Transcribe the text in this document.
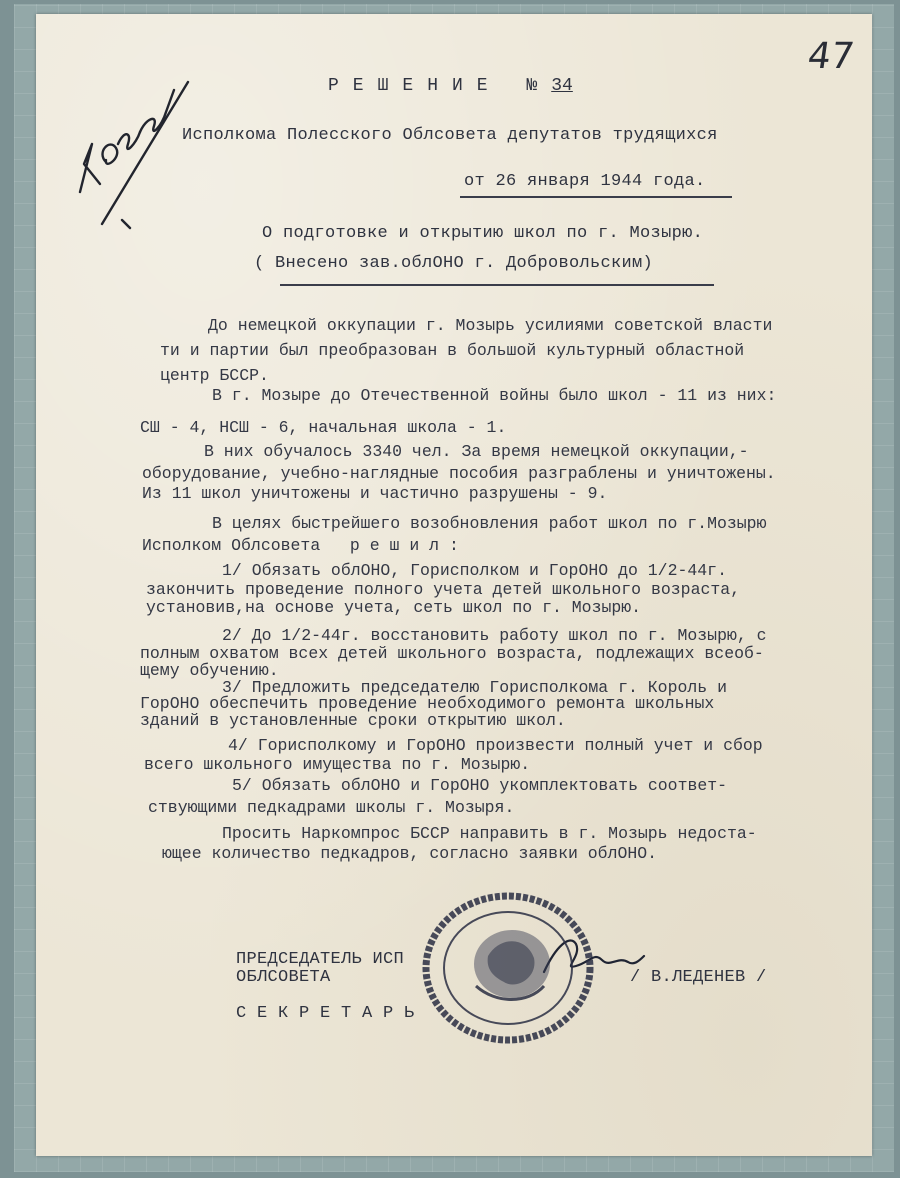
47
РЕШЕНИЕ №34
Исполкома Полесского Облсовета депутатов трудящихся
от 26 января 1944 года.
О подготовке и открытию школ по г. Мозырю.
( Внесено зав.облОНО г. Добровольским)
До немецкой оккупации г. Мозырь усилиями советской власти
ти и партии был преобразован в большой культурный областной
центр БССР.
В г. Мозыре до Отечественной войны было школ - 11 из них:
СШ - 4, НСШ - 6, начальная школа - 1.
В них обучалось 3340 чел. За время немецкой оккупации,-
оборудование, учебно-наглядные пособия разграблены и уничтожены.
Из 11 школ уничтожены и частично разрушены - 9.
В целях быстрейшего возобновления работ школ по г.Мозырю
Исполком Облсовета   р е ш и л :
1/ Обязать облОНО, Горисполком и ГорОНО до 1/2-44г.
закончить проведение полного учета детей школьного возраста,
установив,на основе учета, сеть школ по г. Мозырю.
2/ До 1/2-44г. восстановить работу школ по г. Мозырю, с
полным охватом всех детей школьного возраста, подлежащих всеоб-
щему обучению.
3/ Предложить председателю Горисполкома г. Король и
ГорОНО обеспечить проведение необходимого ремонта школьных
зданий в установленные сроки открытию школ.
4/ Горисполкому и ГорОНО произвести полный учет и сбор
всего школьного имущества по г. Мозырю.
5/ Обязать облОНО и ГорОНО укомплектовать соответ-
ствующими педкадрами школы г. Мозыря.
Просить Наркомпрос БССР направить в г. Мозырь недоста-
ющее количество педкадров, согласно заявки облОНО.
ПРЕДСЕДАТЕЛЬ ИСП
ОБЛСОВЕТА	/ В.ЛЕДЕНЕВ /
С Е К Р Е Т А Р Ь
